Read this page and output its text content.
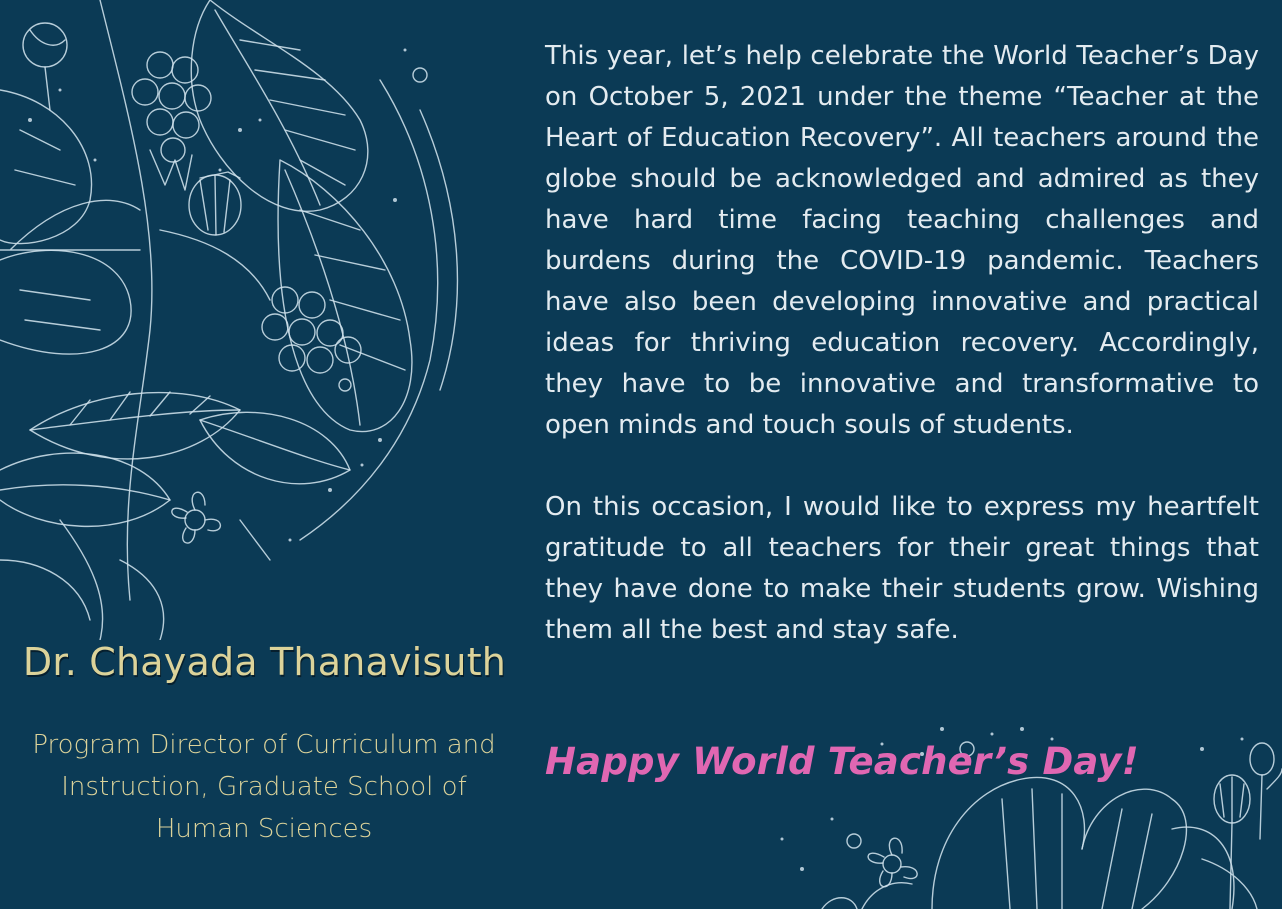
Dr. Chayada Thanavisuth
Program Director of Curriculum and Instruction, Graduate School of Human Sciences

This year, let’s help celebrate the World Teacher’s Day on October 5, 2021 under the theme “Teacher at the Heart of Education Recovery”. All teachers around the globe should be acknowledged and admired as they have hard time facing teaching challenges and burdens during the COVID-19 pandemic. Teachers have also been developing innovative and practical ideas for thriving education recovery. Accordingly, they have to be innovative and transformative to open minds and touch souls of students.

On this occasion, I would like to express my heartfelt gratitude to all teachers for their great things that they have done to make their students grow. Wishing them all the best and stay safe.

Happy World Teacher’s Day!
